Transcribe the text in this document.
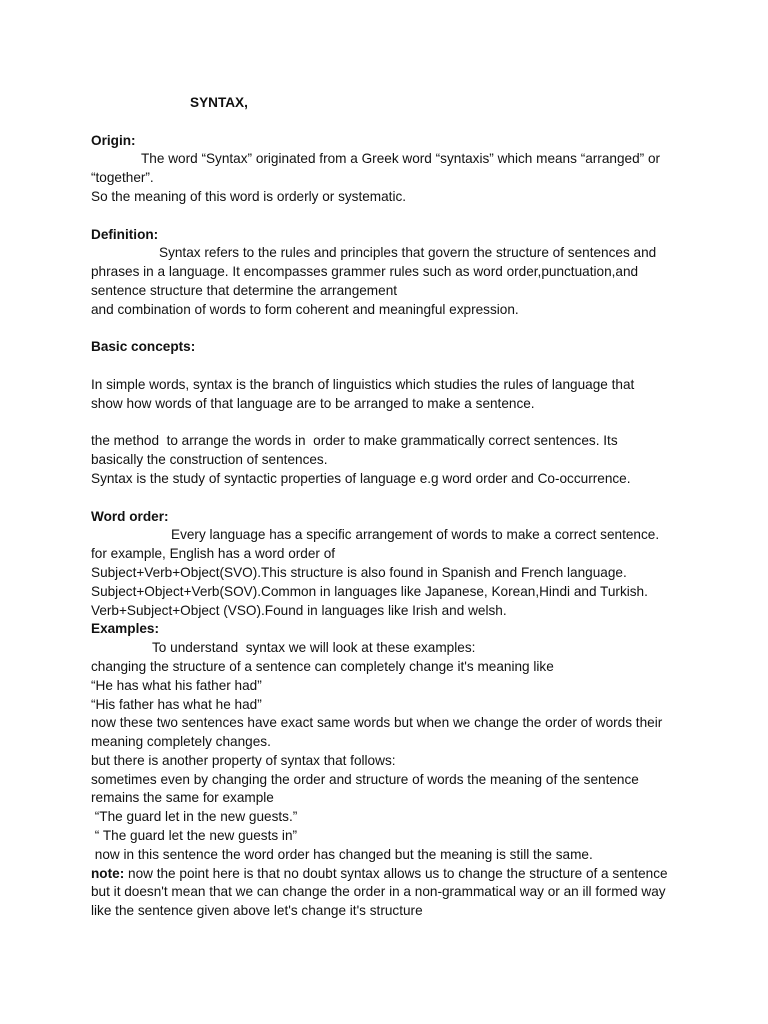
SYNTAX,
Origin:
The word “Syntax” originated from a Greek word “syntaxis” which means “arranged” or
“together”.
So the meaning of this word is orderly or systematic.
Definition:
Syntax refers to the rules and principles that govern the structure of sentences and
phrases in a language. It encompasses grammer rules such as word order,punctuation,and
sentence structure that determine the arrangement
and combination of words to form coherent and meaningful expression.
Basic concepts:
In simple words, syntax is the branch of linguistics which studies the rules of language that
show how words of that language are to be arranged to make a sentence.
the method  to arrange the words in  order to make grammatically correct sentences. Its
basically the construction of sentences.
Syntax is the study of syntactic properties of language e.g word order and Co-occurrence.
Word order:
Every language has a specific arrangement of words to make a correct sentence.
for example, English has a word order of
Subject+Verb+Object(SVO).This structure is also found in Spanish and French language.
Subject+Object+Verb(SOV).Common in languages like Japanese, Korean,Hindi and Turkish.
Verb+Subject+Object (VSO).Found in languages like Irish and welsh.
Examples:
To understand  syntax we will look at these examples:
changing the structure of a sentence can completely change it's meaning like
“He has what his father had”
“His father has what he had”
now these two sentences have exact same words but when we change the order of words their
meaning completely changes.
but there is another property of syntax that follows:
sometimes even by changing the order and structure of words the meaning of the sentence
remains the same for example
“The guard let in the new guests.”
“ The guard let the new guests in”
now in this sentence the word order has changed but the meaning is still the same.
note: now the point here is that no doubt syntax allows us to change the structure of a sentence
but it doesn't mean that we can change the order in a non-grammatical way or an ill formed way
like the sentence given above let's change it's structure
